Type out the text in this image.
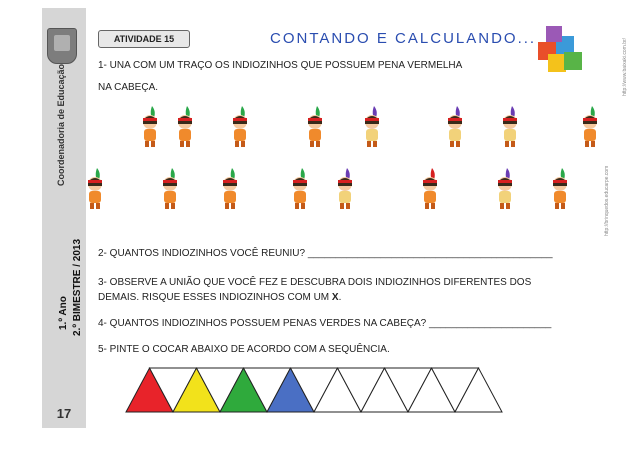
Coordenadoria de Educação
1.º Ano 2.º BIMESTRE / 2013
17
ATIVIDADE 15	CONTANDO E CALCULANDO...	http://www.baixaki.com.br/
http://brinquedos.educarpe.com
1- UNA COM UM TRAÇO OS INDIOZINHOS QUE POSSUEM PENA VERMELHA
NA CABEÇA.
2- QUANTOS INDIOZINHOS VOCÊ REUNIU? ____________________________________________
3- OBSERVE A UNIÃO QUE VOCÊ FEZ E DESCUBRA DOIS INDIOZINHOS DIFERENTES DOS
DEMAIS. RISQUE ESSES INDIOZINHOS COM UM X.
4- QUANTOS INDIOZINHOS POSSUEM PENAS VERDES NA CABEÇA? ______________________
5- PINTE O COCAR ABAIXO DE ACORDO COM A SEQUÊNCIA.
